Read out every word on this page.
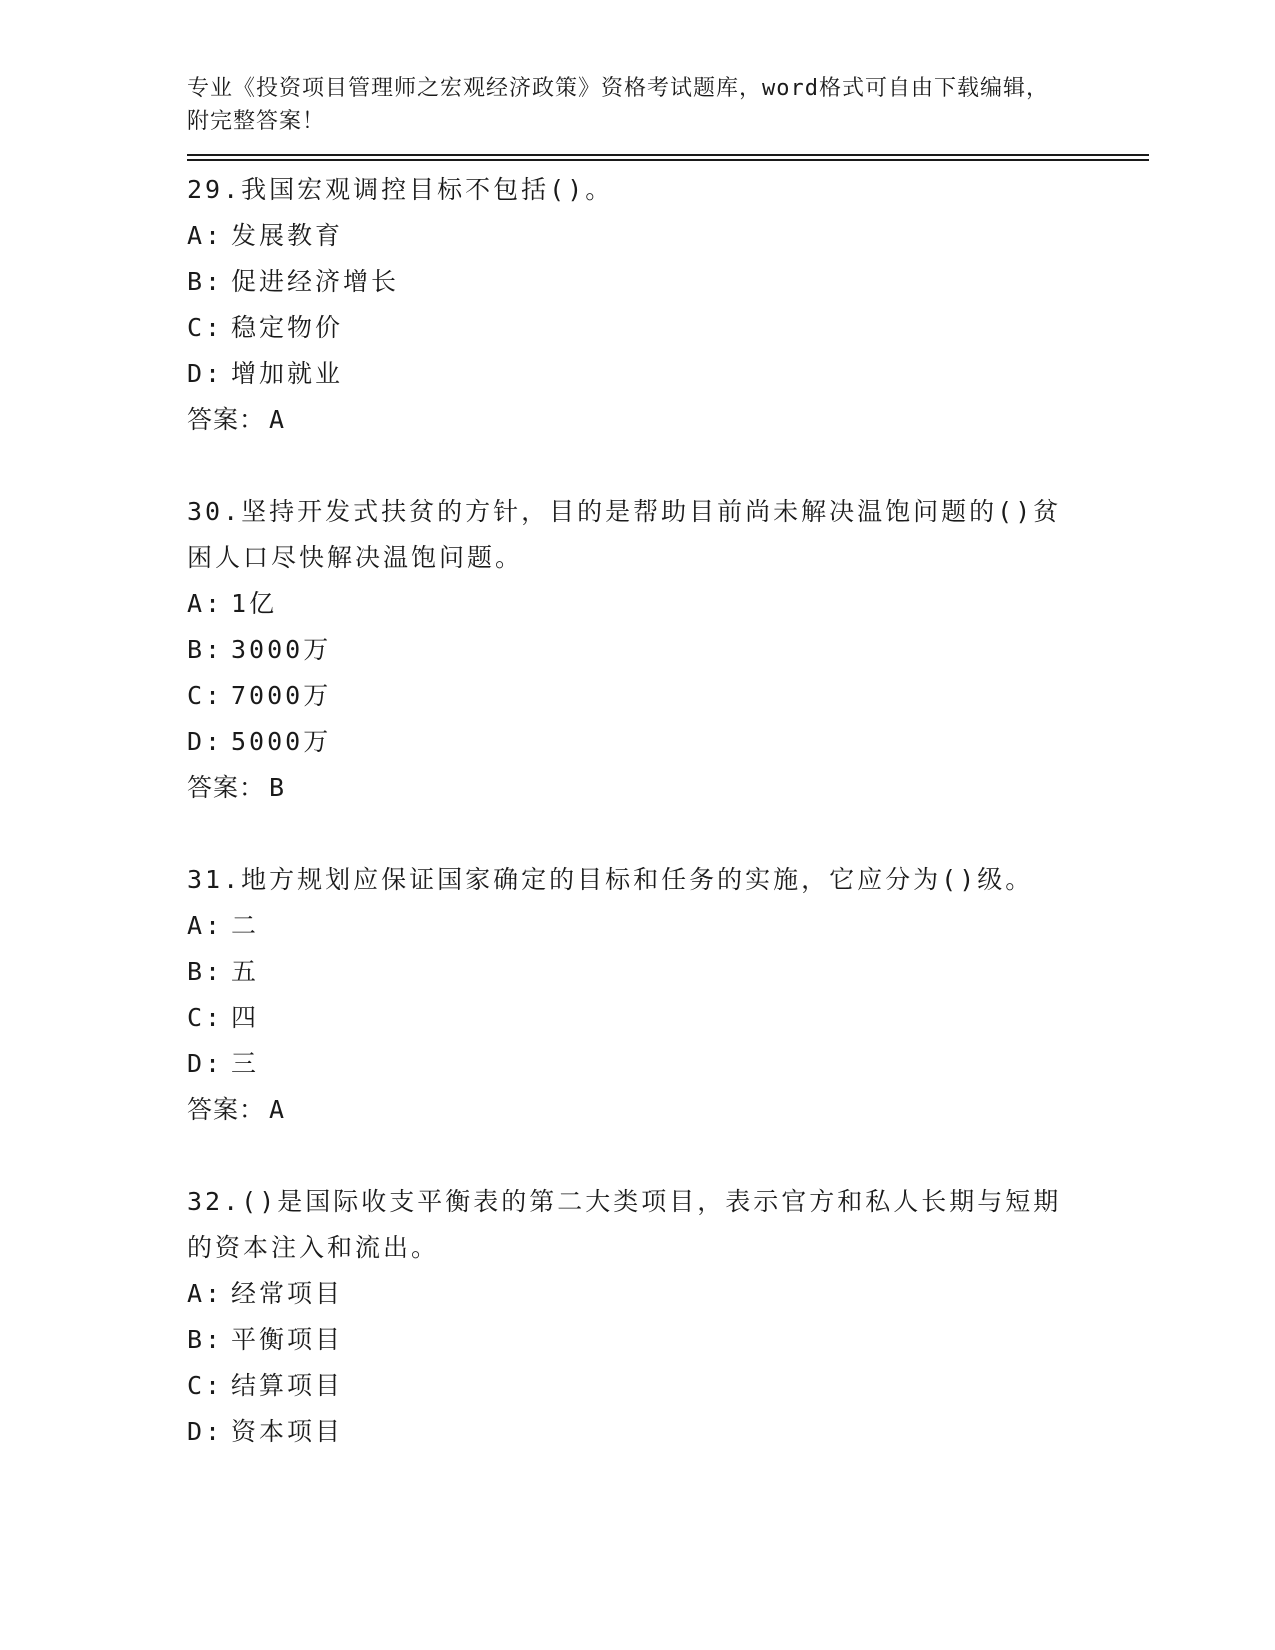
专业《投资项目管理师之宏观经济政策》资格考试题库，word格式可自由下载编辑，附完整答案！

29.我国宏观调控目标不包括()。

A: 发展教育

B: 促进经济增长

C: 稳定物价

D: 增加就业

答案： A

30.坚持开发式扶贫的方针，目的是帮助目前尚未解决温饱问题的()贫困人口尽快解决温饱问题。

A: 1亿

B: 3000万

C: 7000万

D: 5000万

答案： B

31.地方规划应保证国家确定的目标和任务的实施，它应分为()级。

A: 二

B: 五

C: 四

D: 三

答案： A

32.()是国际收支平衡表的第二大类项目，表示官方和私人长期与短期的资本注入和流出。

A: 经常项目

B: 平衡项目

C: 结算项目

D: 资本项目
